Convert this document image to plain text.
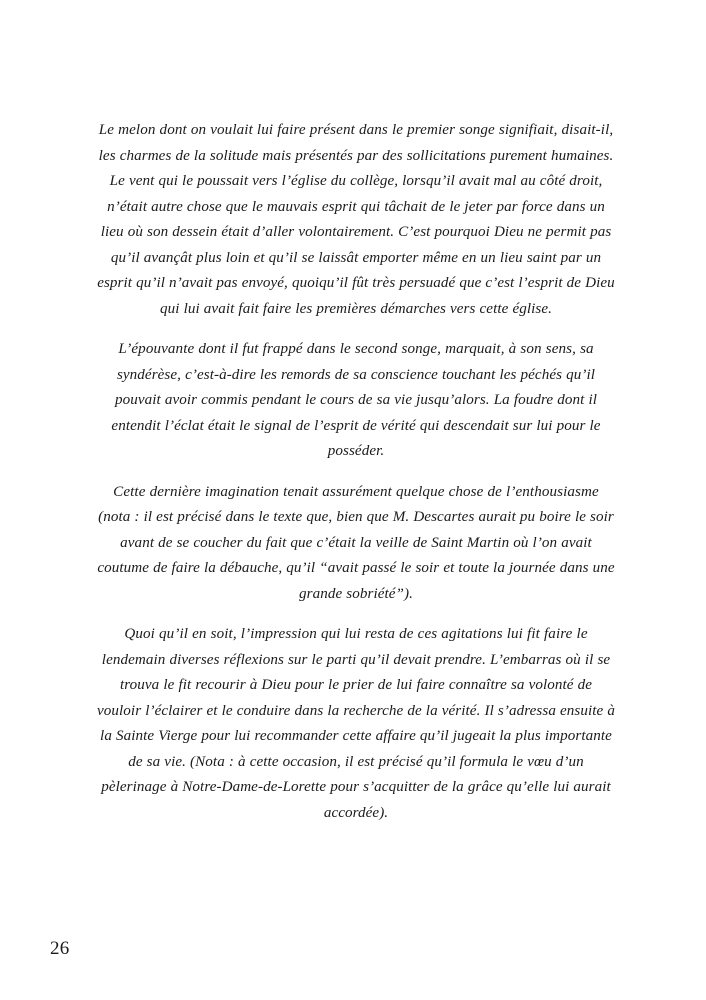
Le melon dont on voulait lui faire présent dans le premier songe signifiait, disait-il, les charmes de la solitude mais présentés par des sollicitations purement humaines. Le vent qui le poussait vers l’église du collège, lorsqu’il avait mal au côté droit, n’était autre chose que le mauvais esprit qui tâchait de le jeter par force dans un lieu où son dessein était d’aller volontairement. C’est pourquoi Dieu ne permit pas qu’il avançât plus loin et qu’il se laissât emporter même en un lieu saint par un esprit qu’il n’avait pas envoyé, quoiqu’il fût très persuadé que c’est l’esprit de Dieu qui lui avait fait faire les premières démarches vers cette église.

L’épouvante dont il fut frappé dans le second songe, marquait, à son sens, sa syndérèse, c’est-à-dire les remords de sa conscience touchant les péchés qu’il pouvait avoir commis pendant le cours de sa vie jusqu’alors. La foudre dont il entendit l’éclat était le signal de l’esprit de vérité qui descendait sur lui pour le posséder.

Cette dernière imagination tenait assurément quelque chose de l’enthousiasme (nota : il est précisé dans le texte que, bien que M. Descartes aurait pu boire le soir avant de se coucher du fait que c’était la veille de Saint Martin où l’on avait coutume de faire la débauche, qu’il “avait passé le soir et toute la journée dans une grande sobriété”).

Quoi qu’il en soit, l’impression qui lui resta de ces agitations lui fit faire le lendemain diverses réflexions sur le parti qu’il devait prendre. L’embarras où il se trouva le fit recourir à Dieu pour le prier de lui faire connaître sa volonté de vouloir l’éclairer et le conduire dans la recherche de la vérité. Il s’adressa ensuite à la Sainte Vierge pour lui recommander cette affaire qu’il jugeait la plus importante de sa vie. (Nota : à cette occasion, il est précisé qu’il formula le vœu d’un pèlerinage à Notre-Dame-de-Lorette pour s’acquitter de la grâce qu’elle lui aurait accordée).

26
